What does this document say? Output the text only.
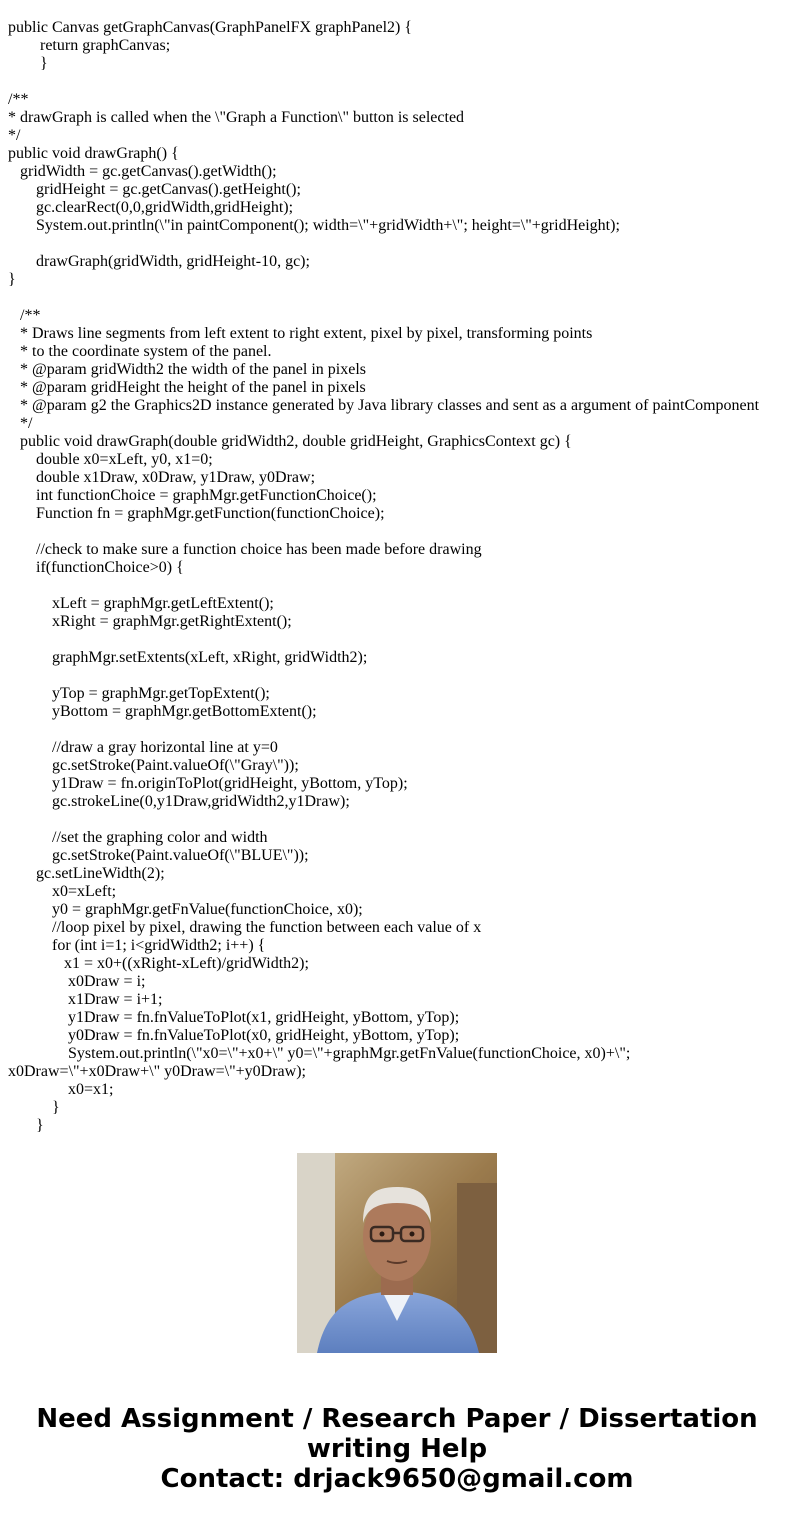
public Canvas getGraphCanvas(GraphPanelFX graphPanel2) {
return graphCanvas;
}
/**
* drawGraph is called when the \"Graph a Function\" button is selected
*/
public void drawGraph() {
gridWidth = gc.getCanvas().getWidth();
gridHeight = gc.getCanvas().getHeight();
gc.clearRect(0,0,gridWidth,gridHeight);
System.out.println(\"in paintComponent(); width=\"+gridWidth+\"; height=\"+gridHeight);
drawGraph(gridWidth, gridHeight-10, gc);
}
/**
* Draws line segments from left extent to right extent, pixel by pixel, transforming points
* to the coordinate system of the panel.
* @param gridWidth2 the width of the panel in pixels
* @param gridHeight the height of the panel in pixels
* @param g2 the Graphics2D instance generated by Java library classes and sent as a argument of paintComponent
*/
public void drawGraph(double gridWidth2, double gridHeight, GraphicsContext gc) {
double x0=xLeft, y0, x1=0;
double x1Draw, x0Draw, y1Draw, y0Draw;
int functionChoice = graphMgr.getFunctionChoice();
Function fn = graphMgr.getFunction(functionChoice);
//check to make sure a function choice has been made before drawing
if(functionChoice>0) {
xLeft = graphMgr.getLeftExtent();
xRight = graphMgr.getRightExtent();
graphMgr.setExtents(xLeft, xRight, gridWidth2);
yTop = graphMgr.getTopExtent();
yBottom = graphMgr.getBottomExtent();
//draw a gray horizontal line at y=0
gc.setStroke(Paint.valueOf(\"Gray\"));
y1Draw = fn.originToPlot(gridHeight, yBottom, yTop);
gc.strokeLine(0,y1Draw,gridWidth2,y1Draw);
//set the graphing color and width
gc.setStroke(Paint.valueOf(\"BLUE\"));
gc.setLineWidth(2);
x0=xLeft;
y0 = graphMgr.getFnValue(functionChoice, x0);
//loop pixel by pixel, drawing the function between each value of x
for (int i=1; i<gridWidth2; i++) {
x1 = x0+((xRight-xLeft)/gridWidth2);
x0Draw = i;
x1Draw = i+1;
y1Draw = fn.fnValueToPlot(x1, gridHeight, yBottom, yTop);
y0Draw = fn.fnValueToPlot(x0, gridHeight, yBottom, yTop);
System.out.println(\"x0=\"+x0+\" y0=\"+graphMgr.getFnValue(functionChoice, x0)+\";
x0Draw=\"+x0Draw+\" y0Draw=\"+y0Draw);
x0=x1;
}
}
Need Assignment / Research Paper / Dissertation
writing Help
Contact: drjack9650@gmail.com
